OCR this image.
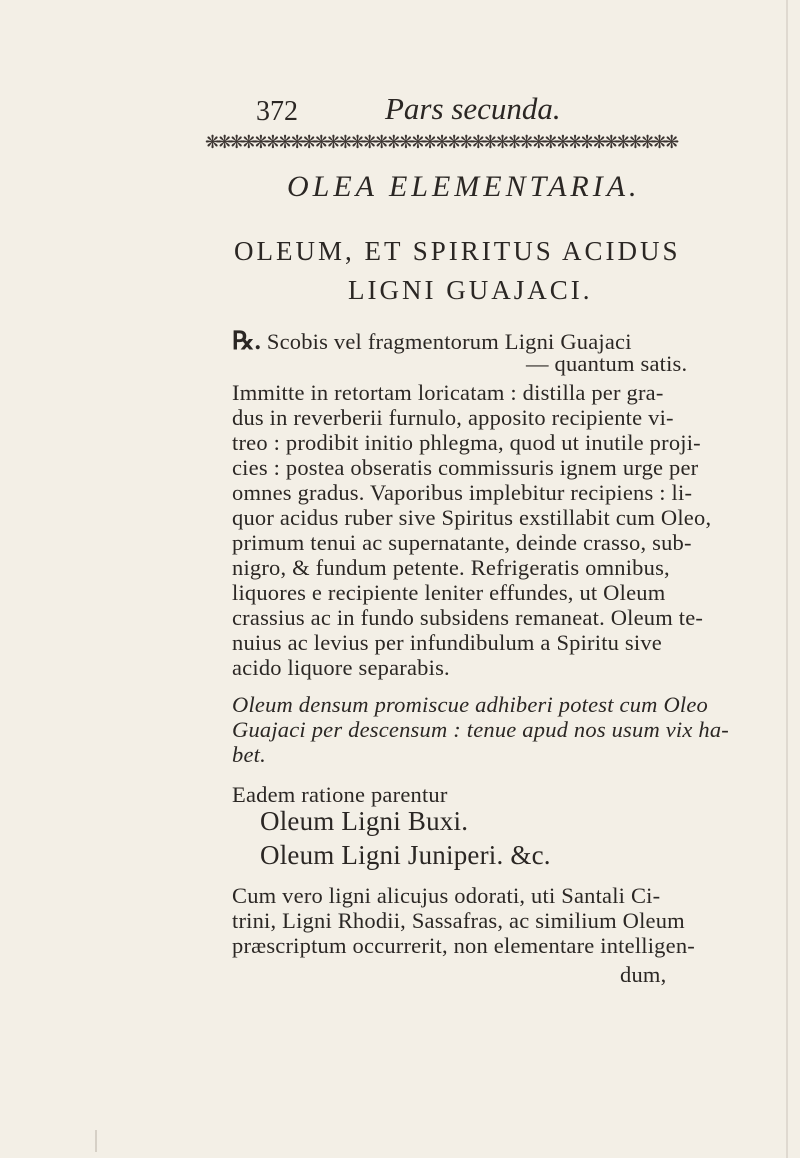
372	Pars secunda.
❋❋❋❋❋❋❋❋❋❋❋❋❋❋❋❋❋❋❋❋❋❋❋❋❋❋❋❋❋❋❋❋❋❋❋❋❋❋❋
OLEA ELEMENTARIA.
OLEUM, ET SPIRITUS ACIDUS
LIGNI GUAJACI.
℞. Scobis vel fragmentorum Ligni Guajaci
— quantum satis.
Immitte in retortam loricatam : distilla per gra-
dus in reverberii furnulo, apposito recipiente vi-
treo : prodibit initio phlegma, quod ut inutile proji-
cies : postea obseratis commissuris ignem urge per
omnes gradus. Vaporibus implebitur recipiens : li-
quor acidus ruber sive Spiritus exstillabit cum Oleo,
primum tenui ac supernatante, deinde crasso, sub-
nigro, & fundum petente. Refrigeratis omnibus,
liquores e recipiente leniter effundes, ut Oleum
crassius ac in fundo subsidens remaneat. Oleum te-
nuius ac levius per infundibulum a Spiritu sive
acido liquore separabis.
Oleum densum promiscue adhiberi potest cum Oleo
Guajaci per descensum : tenue apud nos usum vix ha-
bet.
Eadem ratione parentur
Oleum Ligni Buxi.
Oleum Ligni Juniperi. &c.
Cum vero ligni alicujus odorati, uti Santali Ci-
trini, Ligni Rhodii, Sassafras, ac similium Oleum
præscriptum occurrerit, non elementare intelligen-
dum,
